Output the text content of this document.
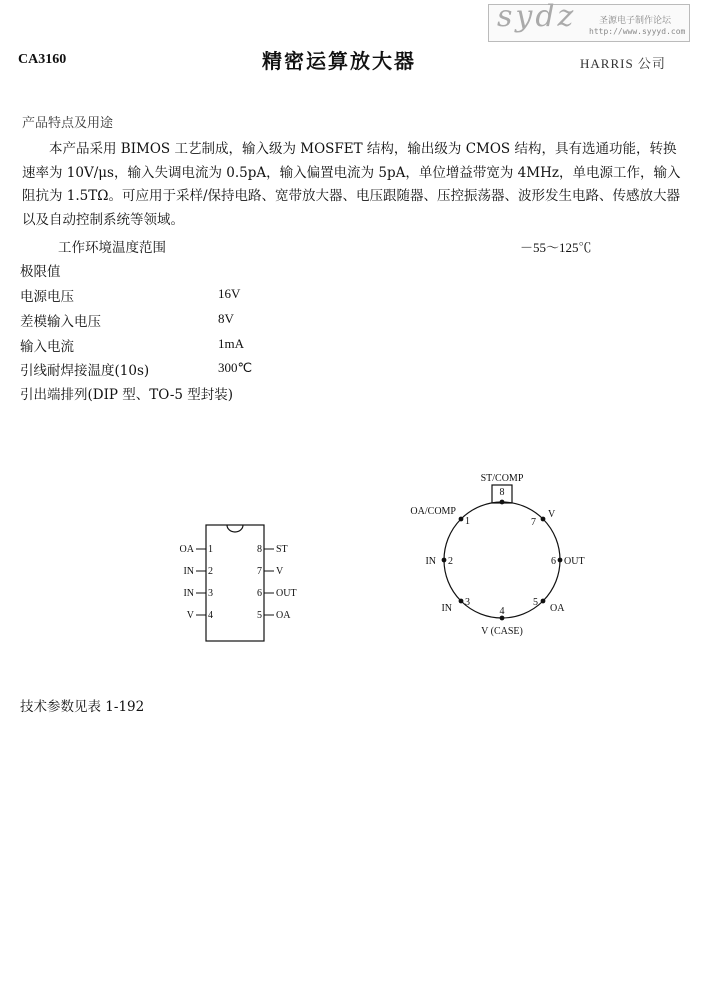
CA3160	精密运算放大器
sydz	圣源电子制作论坛
http://www.syyyd.com
HARRIS 公司
产品特点及用途

本产品采用 BIMOS 工艺制成，输入级为 MOSFET 结构，输出级为 CMOS 结构，具有选通功能，转换速率为 10V/μs，输入失调电流为 0.5pA，输入偏置电流为 5pA，单位增益带宽为 4MHz，单电源工作，输入阻抗为 1.5TΩ。可应用于采样/保持电路、宽带放大器、电压跟随器、压控振荡器、波形发生电路、传感放大器以及自动控制系统等领域。

工作环境温度范围	－55～125℃
极限值
电源电压	16V
差模输入电压	8V
输入电流	1mA
引线耐焊接温度(10s)	300℃
引出端排列(DIP 型、TO-5 型封装)
OA 1
IN 2
IN 3
V 4
8 ST
7 V
6 OUT
5 OA
8
ST/COMP
1
OA/COMP
7
V
2
IN	6 OUT
3
IN
5
OA
4
V (CASE)
技术参数见表 1-192
